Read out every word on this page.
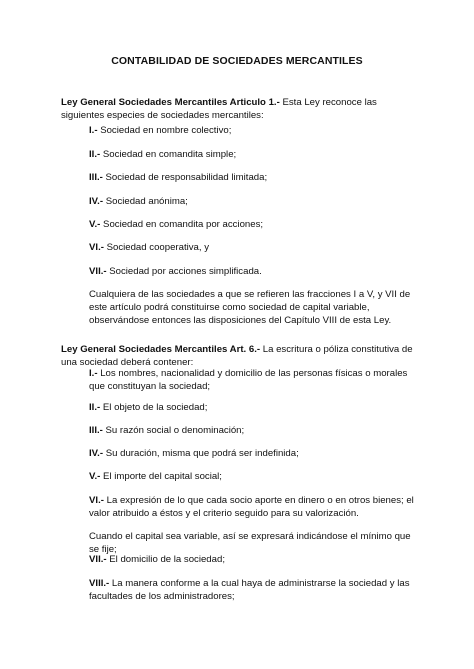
CONTABILIDAD DE SOCIEDADES MERCANTILES

Ley General Sociedades Mercantiles Articulo 1.- Esta Ley reconoce las siguientes especies de sociedades mercantiles:

I.- Sociedad en nombre colectivo;

II.- Sociedad en comandita simple;

III.- Sociedad de responsabilidad limitada;

IV.- Sociedad anónima;

V.- Sociedad en comandita por acciones;

VI.- Sociedad cooperativa, y

VII.- Sociedad por acciones simplificada.

Cualquiera de las sociedades a que se refieren las fracciones I a V, y VII de este artículo podrá constituirse como sociedad de capital variable, observándose entonces las disposiciones del Capítulo VIII de esta Ley.

Ley General Sociedades Mercantiles Art. 6.- La escritura o póliza constitutiva de una sociedad deberá contener:

I.- Los nombres, nacionalidad y domicilio de las personas físicas o morales que constituyan la sociedad;

II.- El objeto de la sociedad;

III.- Su razón social o denominación;

IV.- Su duración, misma que podrá ser indefinida;

V.- El importe del capital social;

VI.- La expresión de lo que cada socio aporte en dinero o en otros bienes; el valor atribuido a éstos y el criterio seguido para su valorización.

Cuando el capital sea variable, así se expresará indicándose el mínimo que se fije;

VII.- El domicilio de la sociedad;

VIII.- La manera conforme a la cual haya de administrarse la sociedad y las facultades de los administradores;
